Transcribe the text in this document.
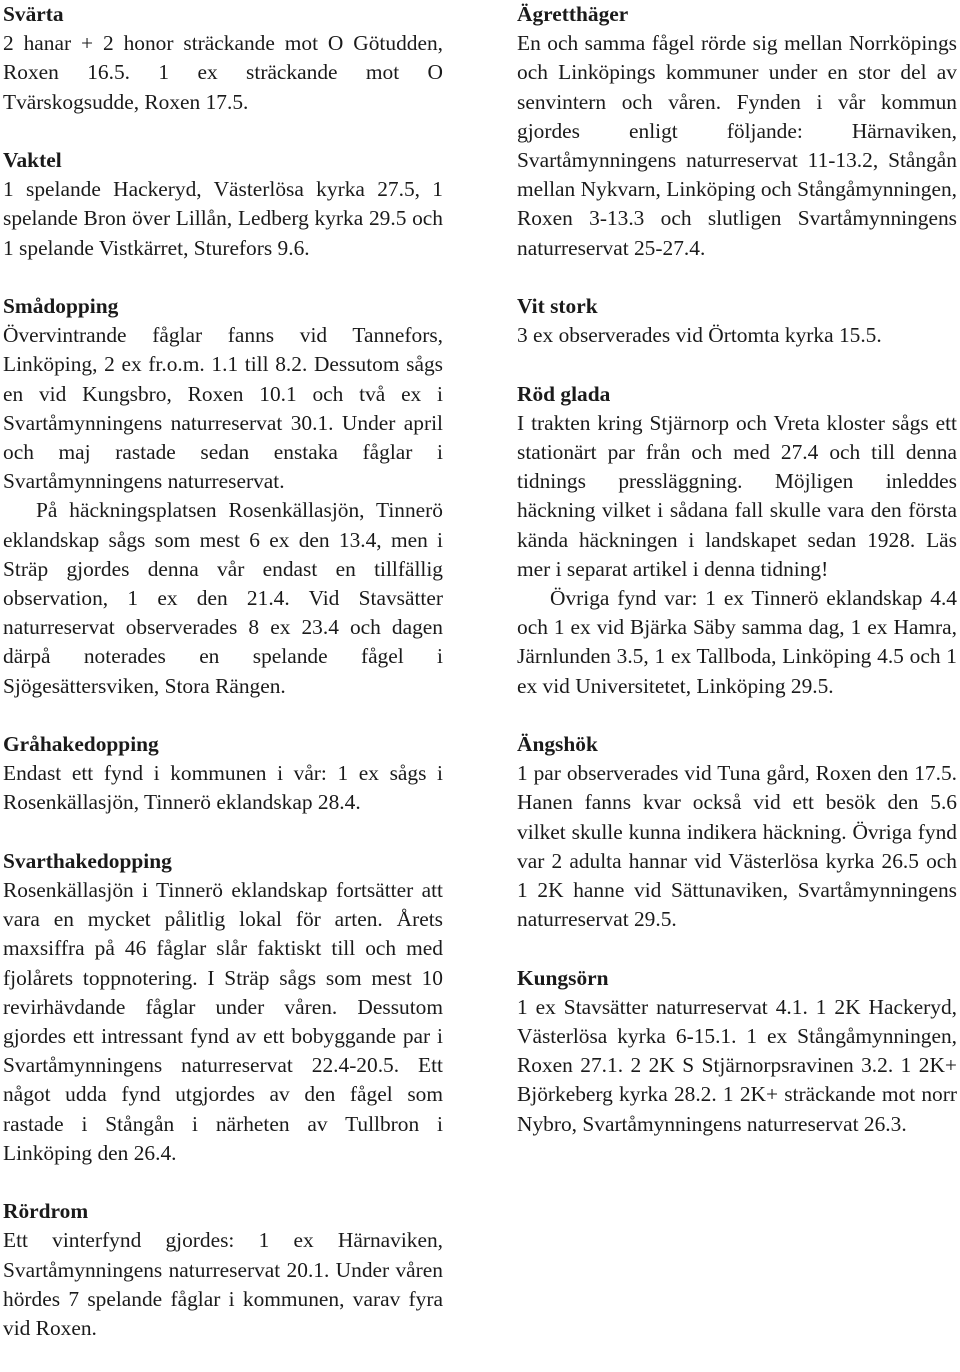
Svärta

2 hanar + 2 honor sträckande mot O Götudden, Roxen 16.5. 1 ex sträckande mot O Tvärskogsudde, Roxen 17.5.

Vaktel

1 spelande Hackeryd, Västerlösa kyrka 27.5, 1 spelande Bron över Lillån, Ledberg kyrka 29.5 och 1 spelande Vistkärret, Sturefors 9.6.

Smådopping

Övervintrande fåglar fanns vid Tannefors, Linköping, 2 ex fr.o.m. 1.1 till 8.2. Dessutom sågs en vid Kungsbro, Roxen 10.1 och två ex i Svartåmynningens naturreservat 30.1. Under april och maj rastade sedan enstaka fåglar i Svartåmynningens naturreservat.

På häckningsplatsen Rosenkällasjön, Tinnerö eklandskap sågs som mest 6 ex den 13.4, men i Sträp gjordes denna vår endast en tillfällig observation, 1 ex den 21.4. Vid Stavsätter naturreservat observerades 8 ex 23.4 och dagen därpå noterades en spelande fågel i Sjögesättersviken, Stora Rängen.

Gråhakedopping

Endast ett fynd i kommunen i vår: 1 ex sågs i Rosenkällasjön, Tinnerö eklandskap 28.4.

Svarthakedopping

Rosenkällasjön i Tinnerö eklandskap fortsätter att vara en mycket pålitlig lokal för arten. Årets maxsiffra på 46 fåglar slår faktiskt till och med fjolårets toppnotering. I Sträp sågs som mest 10 revirhävdande fåglar under våren. Dessutom gjordes ett intressant fynd av ett bobyggande par i Svartåmynningens naturreservat 22.4-20.5. Ett något udda fynd utgjordes av den fågel som rastade i Stångån i närheten av Tullbron i Linköping den 26.4.

Rördrom

Ett vinterfynd gjordes: 1 ex Härnaviken, Svartåmynningens naturreservat 20.1. Under våren hördes 7 spelande fåglar i kommunen, varav fyra vid Roxen.

Ägretthäger

En och samma fågel rörde sig mellan Norrköpings och Linköpings kommuner under en stor del av senvintern och våren. Fynden i vår kommun gjordes enligt följande: Härnaviken, Svartåmynningens naturreservat 11-13.2, Stångån mellan Nykvarn, Linköping och Stångåmynningen, Roxen 3-13.3 och slutligen Svartåmynningens naturreservat 25-27.4.

Vit stork

3 ex observerades vid Örtomta kyrka 15.5.

Röd glada

I trakten kring Stjärnorp och Vreta kloster sågs ett stationärt par från och med 27.4 och till denna tidnings pressläggning. Möjligen inleddes häckning vilket i sådana fall skulle vara den första kända häckningen i landskapet sedan 1928. Läs mer i separat artikel i denna tidning!

Övriga fynd var: 1 ex Tinnerö eklandskap 4.4 och 1 ex vid Bjärka Säby samma dag, 1 ex Hamra, Järnlunden 3.5, 1 ex Tallboda, Linköping 4.5 och 1 ex vid Universitetet, Linköping 29.5.

Ängshök

1 par observerades vid Tuna gård, Roxen den 17.5. Hanen fanns kvar också vid ett besök den 5.6 vilket skulle kunna indikera häckning. Övriga fynd var 2 adulta hannar vid Västerlösa kyrka 26.5 och 1 2K hanne vid Sättunaviken, Svartåmynningens naturreservat 29.5.

Kungsörn

1 ex Stavsätter naturreservat 4.1. 1 2K Hackeryd, Västerlösa kyrka 6-15.1. 1 ex Stångåmynningen, Roxen 27.1. 2 2K S Stjärnorpsravinen 3.2. 1 2K+ Björkeberg kyrka 28.2. 1 2K+ sträckande mot norr Nybro, Svartåmynningens naturreservat 26.3.
